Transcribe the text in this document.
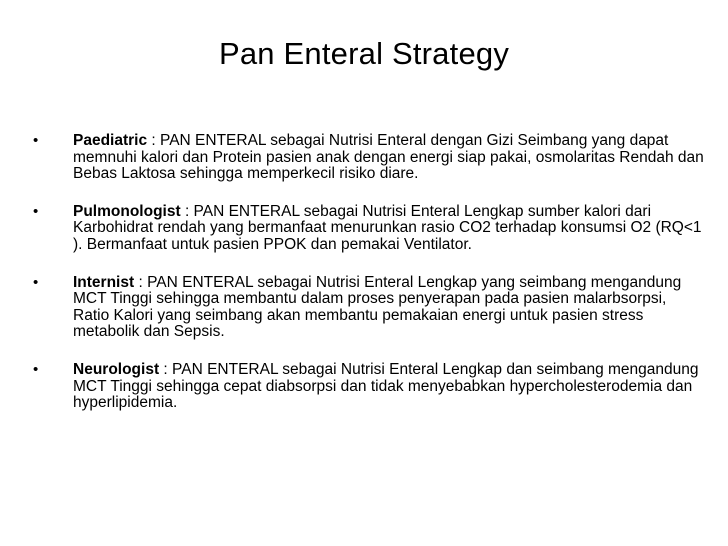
Pan Enteral Strategy
• Paediatric : PAN ENTERAL sebagai Nutrisi Enteral dengan Gizi Seimbang yang dapat memnuhi kalori dan Protein pasien anak dengan energi siap pakai, osmolaritas Rendah dan Bebas Laktosa sehingga memperkecil risiko diare.
• Pulmonologist : PAN ENTERAL sebagai Nutrisi Enteral Lengkap sumber kalori dari Karbohidrat rendah yang bermanfaat menurunkan rasio CO2 terhadap konsumsi O2 (RQ<1 ). Bermanfaat untuk pasien PPOK dan pemakai Ventilator.
• Internist : PAN ENTERAL sebagai Nutrisi Enteral Lengkap yang seimbang mengandung MCT Tinggi sehingga membantu dalam proses penyerapan pada pasien malarbsorpsi, Ratio Kalori yang seimbang akan membantu pemakaian energi untuk pasien stress metabolik dan Sepsis.
• Neurologist : PAN ENTERAL sebagai Nutrisi Enteral Lengkap dan seimbang mengandung MCT Tinggi sehingga cepat diabsorpsi dan tidak menyebabkan hypercholesterodemia dan hyperlipidemia.
